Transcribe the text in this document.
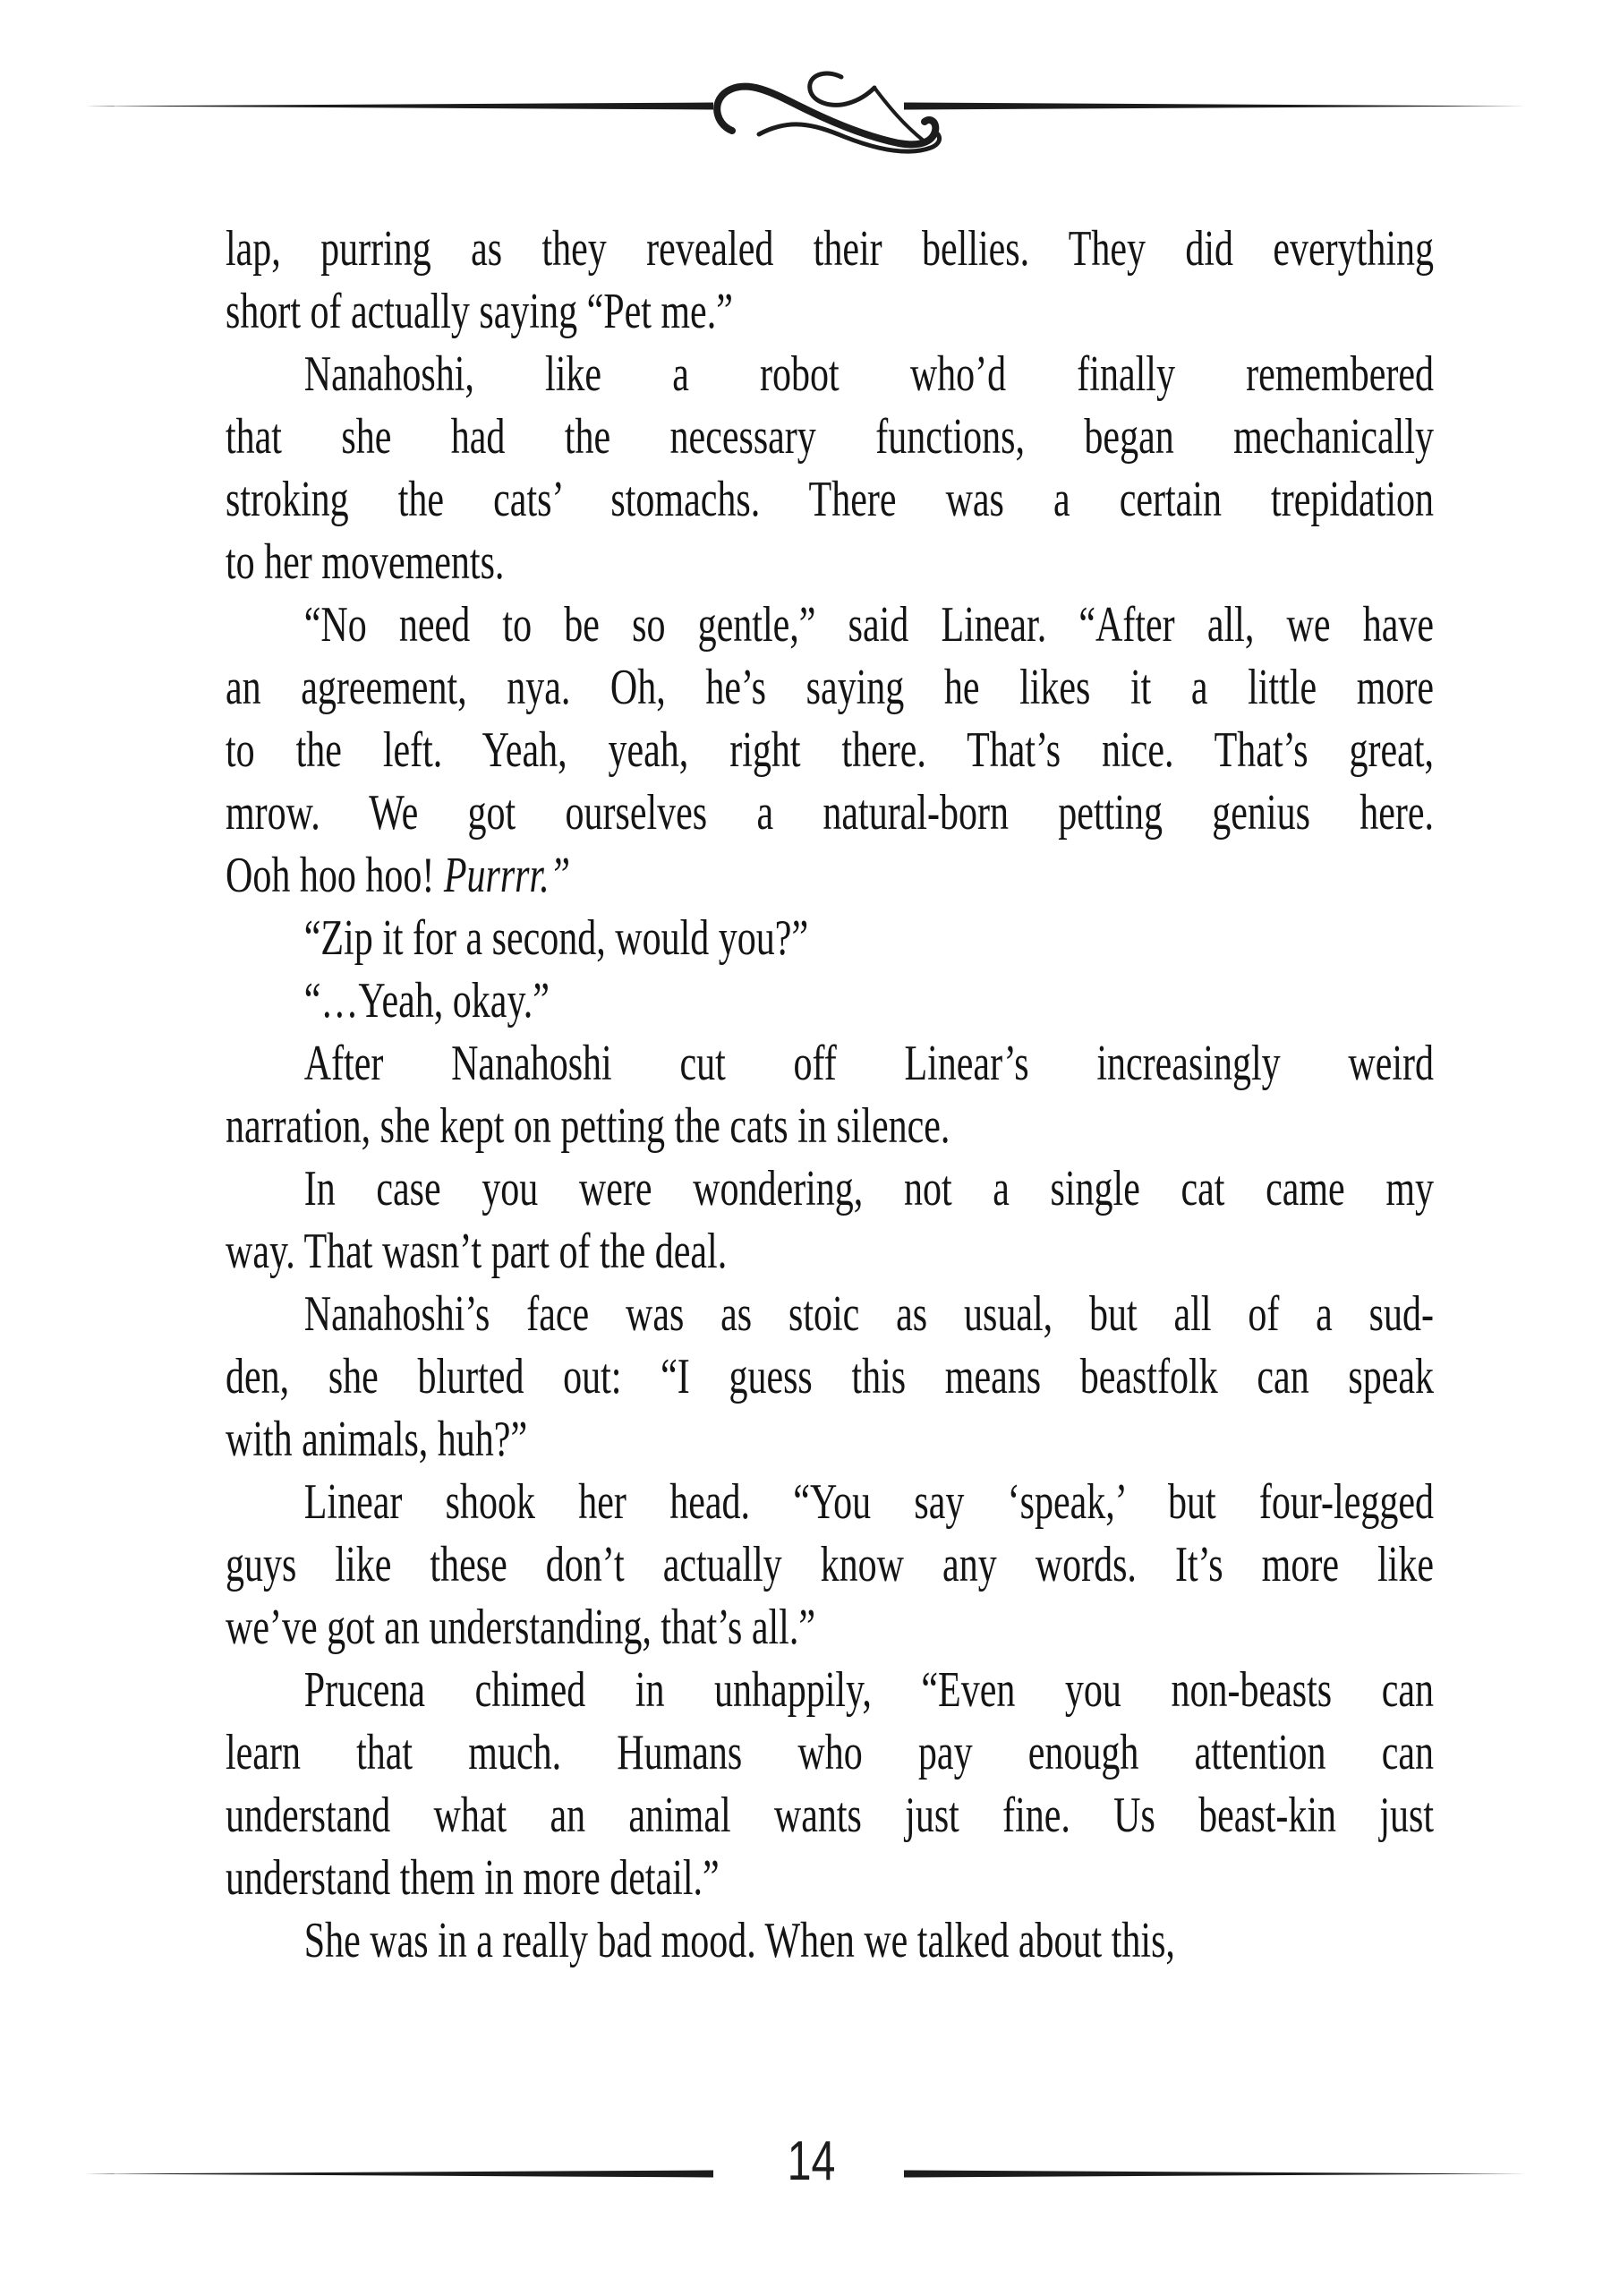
lap, purring as they revealed their bellies. They did everything
short of actually saying “Pet me.”
Nanahoshi, like a robot who’d finally remembered
that she had the necessary functions, began mechanically
stroking the cats’ stomachs. There was a certain trepidation
to her movements.
“No need to be so gentle,” said Linear. “After all, we have
an agreement, nya. Oh, he’s saying he likes it a little more
to the left. Yeah, yeah, right there. That’s nice. That’s great,
mrow. We got ourselves a natural-born petting genius here.
Ooh hoo hoo! Purrrr.”
“Zip it for a second, would you?”
“…Yeah, okay.”
After Nanahoshi cut off Linear’s increasingly weird
narration, she kept on petting the cats in silence.
In case you were wondering, not a single cat came my
way. That wasn’t part of the deal.
Nanahoshi’s face was as stoic as usual, but all of a sud-
den, she blurted out: “I guess this means beastfolk can speak
with animals, huh?”
Linear shook her head. “You say ‘speak,’ but four-legged
guys like these don’t actually know any words. It’s more like
we’ve got an understanding, that’s all.”
Prucena chimed in unhappily, “Even you non-beasts can
learn that much. Humans who pay enough attention can
understand what an animal wants just fine. Us beast-kin just
understand them in more detail.”
She was in a really bad mood. When we talked about this,
14
